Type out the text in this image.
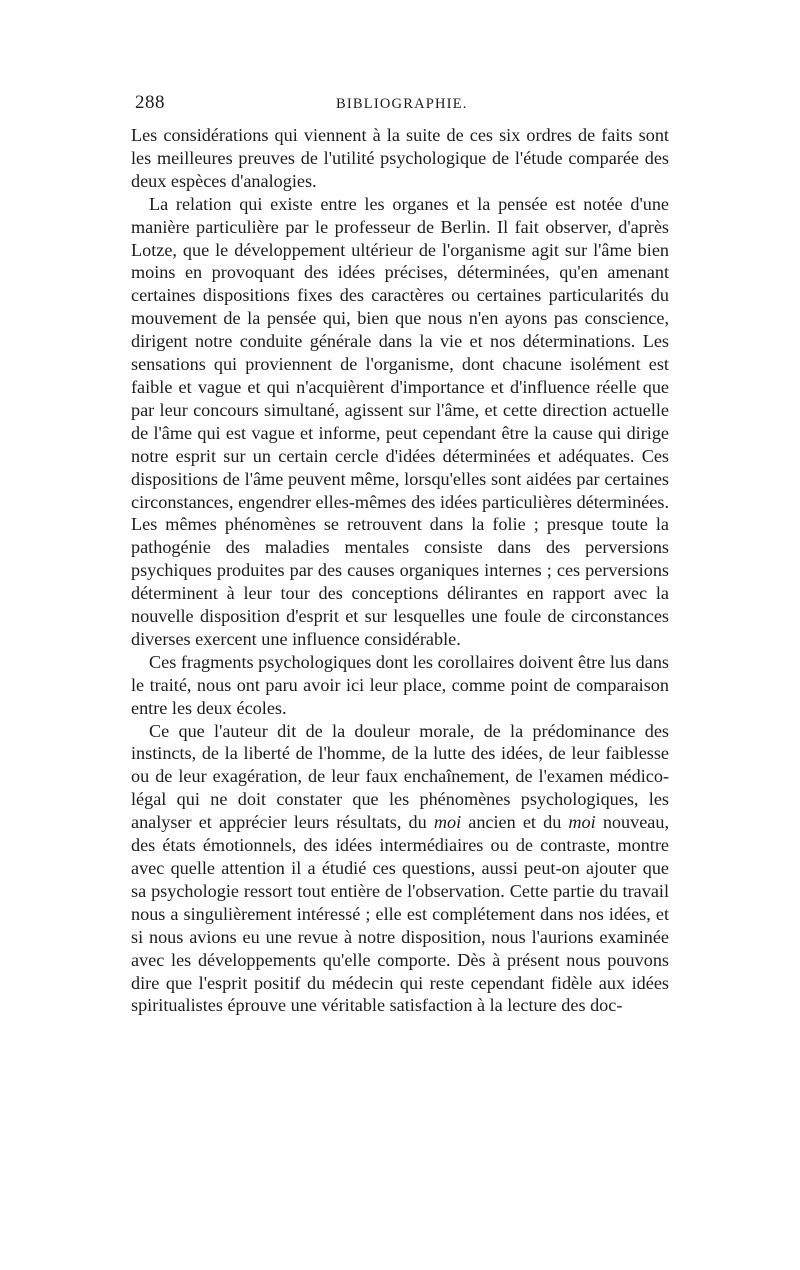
288	BIBLIOGRAPHIE.

Les considérations qui viennent à la suite de ces six ordres de faits sont les meilleures preuves de l'utilité psychologique de l'étude comparée des deux espèces d'analogies.

La relation qui existe entre les organes et la pensée est notée d'une manière particulière par le professeur de Berlin. Il fait observer, d'après Lotze, que le développement ultérieur de l'organisme agit sur l'âme bien moins en provoquant des idées précises, déterminées, qu'en amenant certaines dispositions fixes des caractères ou certaines particularités du mouvement de la pensée qui, bien que nous n'en ayons pas conscience, dirigent notre conduite générale dans la vie et nos déterminations. Les sensations qui proviennent de l'organisme, dont chacune isolément est faible et vague et qui n'acquièrent d'importance et d'influence réelle que par leur concours simultané, agissent sur l'âme, et cette direction actuelle de l'âme qui est vague et informe, peut cependant être la cause qui dirige notre esprit sur un certain cercle d'idées déterminées et adéquates. Ces dispositions de l'âme peuvent même, lorsqu'elles sont aidées par certaines circonstances, engendrer elles-mêmes des idées particulières déterminées. Les mêmes phénomènes se retrouvent dans la folie ; presque toute la pathogénie des maladies mentales consiste dans des perversions psychiques produites par des causes organiques internes ; ces perversions déterminent à leur tour des conceptions délirantes en rapport avec la nouvelle disposition d'esprit et sur lesquelles une foule de circonstances diverses exercent une influence considérable.

Ces fragments psychologiques dont les corollaires doivent être lus dans le traité, nous ont paru avoir ici leur place, comme point de comparaison entre les deux écoles.

Ce que l'auteur dit de la douleur morale, de la prédominance des instincts, de la liberté de l'homme, de la lutte des idées, de leur faiblesse ou de leur exagération, de leur faux enchaînement, de l'examen médico-légal qui ne doit constater que les phénomènes psychologiques, les analyser et apprécier leurs résultats, du moi ancien et du moi nouveau, des états émotionnels, des idées intermédiaires ou de contraste, montre avec quelle attention il a étudié ces questions, aussi peut-on ajouter que sa psychologie ressort tout entière de l'observation. Cette partie du travail nous a singulièrement intéressé ; elle est complétement dans nos idées, et si nous avions eu une revue à notre disposition, nous l'aurions examinée avec les développements qu'elle comporte. Dès à présent nous pouvons dire que l'esprit positif du médecin qui reste cependant fidèle aux idées spiritualistes éprouve une véritable satisfaction à la lecture des doc-
